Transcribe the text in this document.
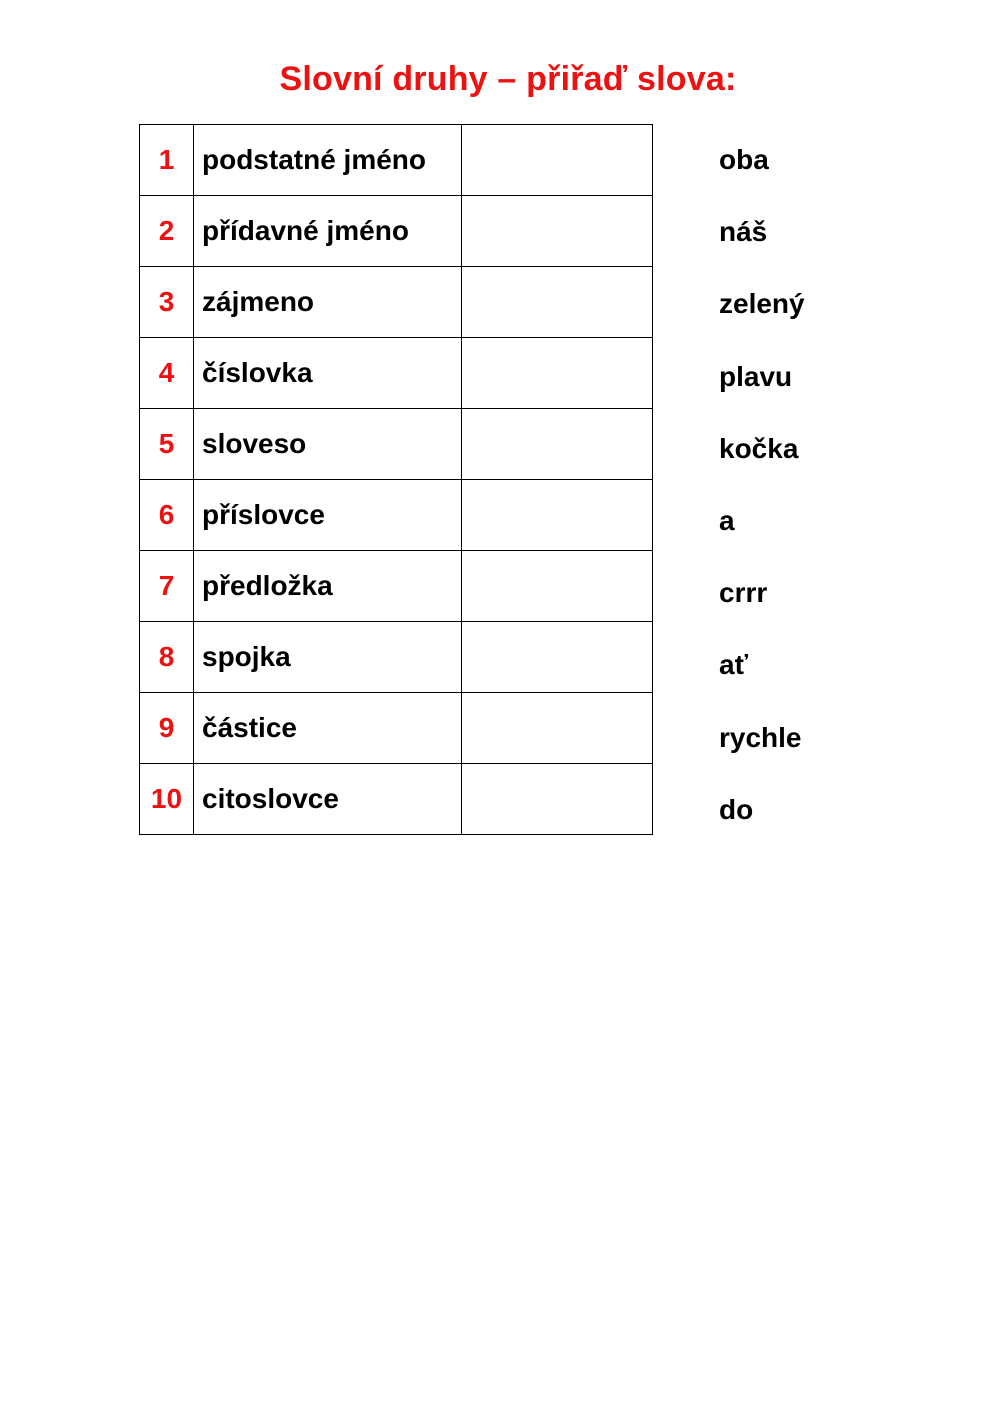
Slovní druhy – přiřaď slova:
1	podstatné jméno	
2	přídavné jméno	
3	zájmeno	
4	číslovka	
5	sloveso	
6	příslovce	
7	předložka	
8	spojka	
9	částice	
10	citoslovce	
oba
náš
zelený
plavu
kočka
a
crrr
ať
rychle
do
